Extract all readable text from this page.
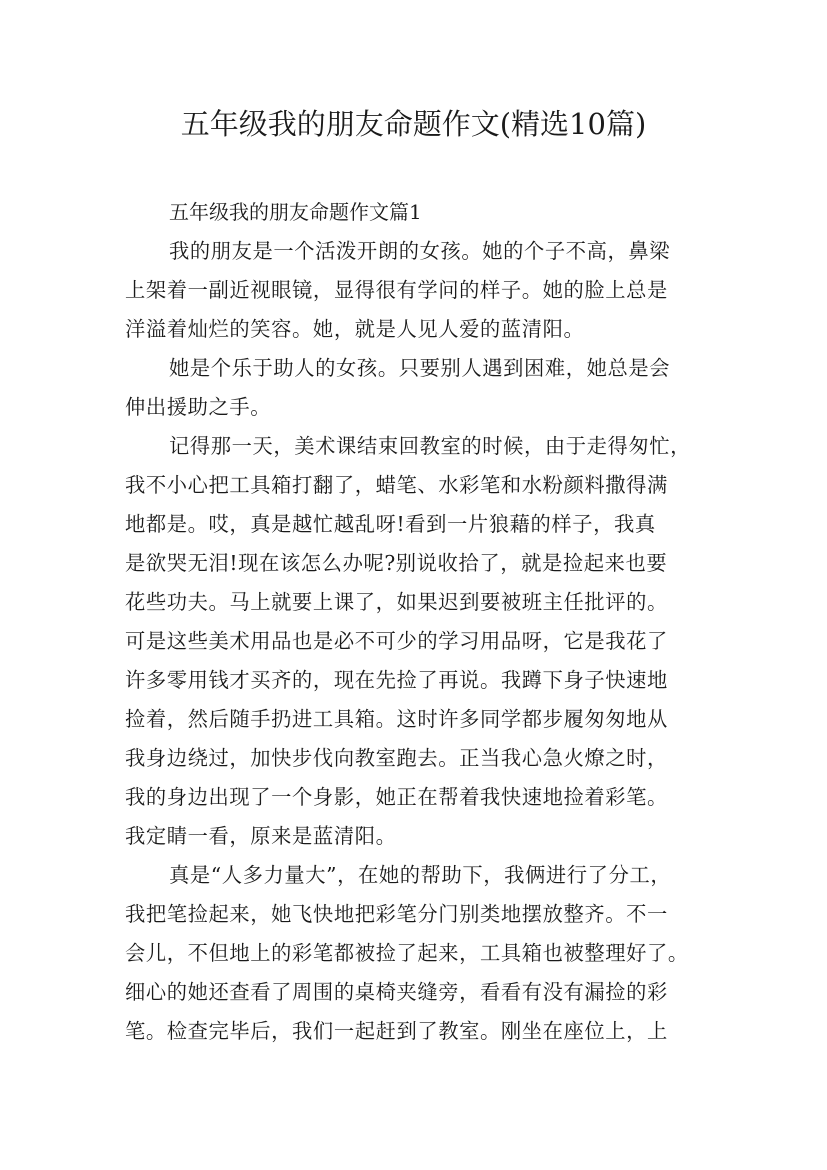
五年级我的朋友命题作文(精选10篇)
五年级我的朋友命题作文篇1

我的朋友是一个活泼开朗的女孩。她的个子不高，鼻梁
上架着一副近视眼镜，显得很有学问的样子。她的脸上总是
洋溢着灿烂的笑容。她，就是人见人爱的蓝清阳。

她是个乐于助人的女孩。只要别人遇到困难，她总是会
伸出援助之手。

记得那一天，美术课结束回教室的时候，由于走得匆忙，
我不小心把工具箱打翻了，蜡笔、水彩笔和水粉颜料撒得满
地都是。哎，真是越忙越乱呀!看到一片狼藉的样子，我真
是欲哭无泪!现在该怎么办呢?别说收拾了，就是捡起来也要
花些功夫。马上就要上课了，如果迟到要被班主任批评的。
可是这些美术用品也是必不可少的学习用品呀，它是我花了
许多零用钱才买齐的，现在先捡了再说。我蹲下身子快速地
捡着，然后随手扔进工具箱。这时许多同学都步履匆匆地从
我身边绕过，加快步伐向教室跑去。正当我心急火燎之时，
我的身边出现了一个身影，她正在帮着我快速地捡着彩笔。
我定睛一看，原来是蓝清阳。

真是“人多力量大”，在她的帮助下，我俩进行了分工，
我把笔捡起来，她飞快地把彩笔分门别类地摆放整齐。不一
会儿，不但地上的彩笔都被捡了起来，工具箱也被整理好了。
细心的她还查看了周围的桌椅夹缝旁，看看有没有漏捡的彩
笔。检查完毕后，我们一起赶到了教室。刚坐在座位上，上
